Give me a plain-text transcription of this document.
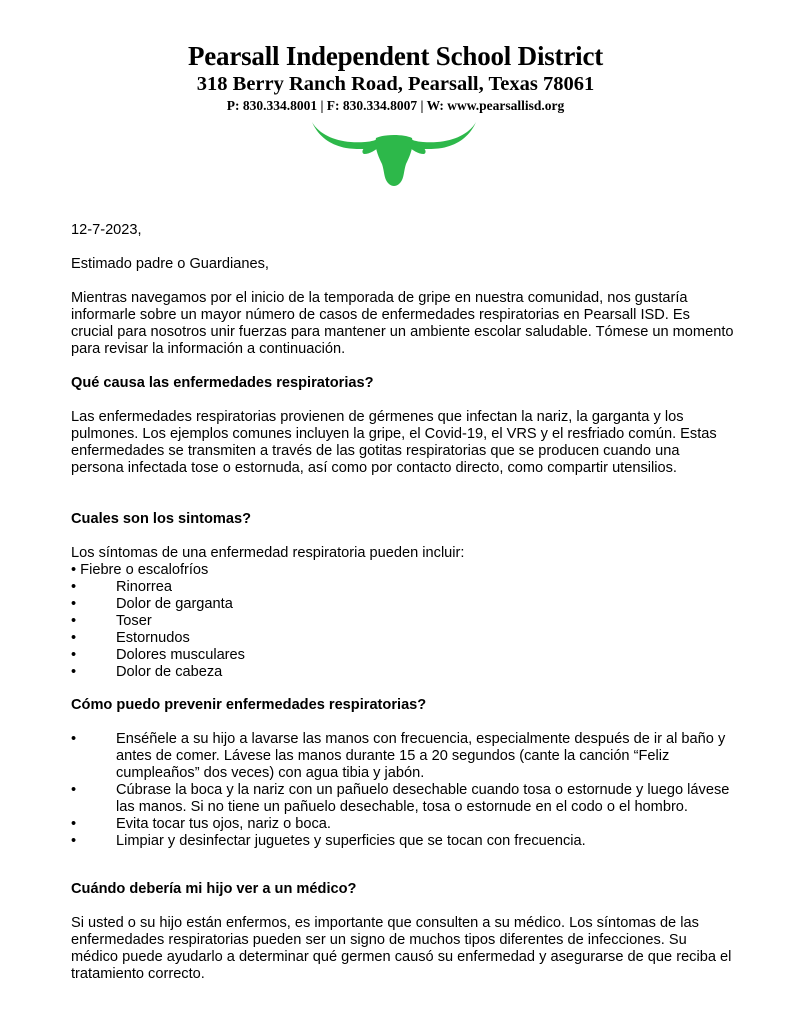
Pearsall Independent School District
318 Berry Ranch Road, Pearsall, Texas 78061
P: 830.334.8001 | F: 830.334.8007 | W: www.pearsallisd.org
12-7-2023,
Estimado padre o Guardianes,
Mientras navegamos por el inicio de la temporada de gripe en nuestra comunidad, nos gustaría informarle sobre un mayor número de casos de enfermedades respiratorias en Pearsall ISD. Es crucial para nosotros unir fuerzas para mantener un ambiente escolar saludable. Tómese un momento para revisar la información a continuación.
Qué causa las enfermedades respiratorias?
Las enfermedades respiratorias provienen de gérmenes que infectan la nariz, la garganta y los pulmones. Los ejemplos comunes incluyen la gripe, el Covid-19, el VRS y el resfriado común. Estas enfermedades se transmiten a través de las gotitas respiratorias que se producen cuando una persona infectada tose o estornuda, así como por contacto directo, como compartir utensilios.
Cuales son los sintomas?
Los síntomas de una enfermedad respiratoria pueden incluir:
• Fiebre o escalofríos
•	Rinorrea
•	Dolor de garganta
•	Toser
•	Estornudos
•	Dolores musculares
•	Dolor de cabeza
Cómo puedo prevenir enfermedades respiratorias?
•	Enséñele a su hijo a lavarse las manos con frecuencia, especialmente después de ir al baño y antes de comer. Lávese las manos durante 15 a 20 segundos (cante la canción “Feliz cumpleaños” dos veces) con agua tibia y jabón.
•	Cúbrase la boca y la nariz con un pañuelo desechable cuando tosa o estornude y luego lávese las manos. Si no tiene un pañuelo desechable, tosa o estornude en el codo o el hombro.
•	Evita tocar tus ojos, nariz o boca.
•	Limpiar y desinfectar juguetes y superficies que se tocan con frecuencia.
Cuándo debería mi hijo ver a un médico?
Si usted o su hijo están enfermos, es importante que consulten a su médico. Los síntomas de las enfermedades respiratorias pueden ser un signo de muchos tipos diferentes de infecciones. Su médico puede ayudarlo a determinar qué germen causó su enfermedad y asegurarse de que reciba el tratamiento correcto.
